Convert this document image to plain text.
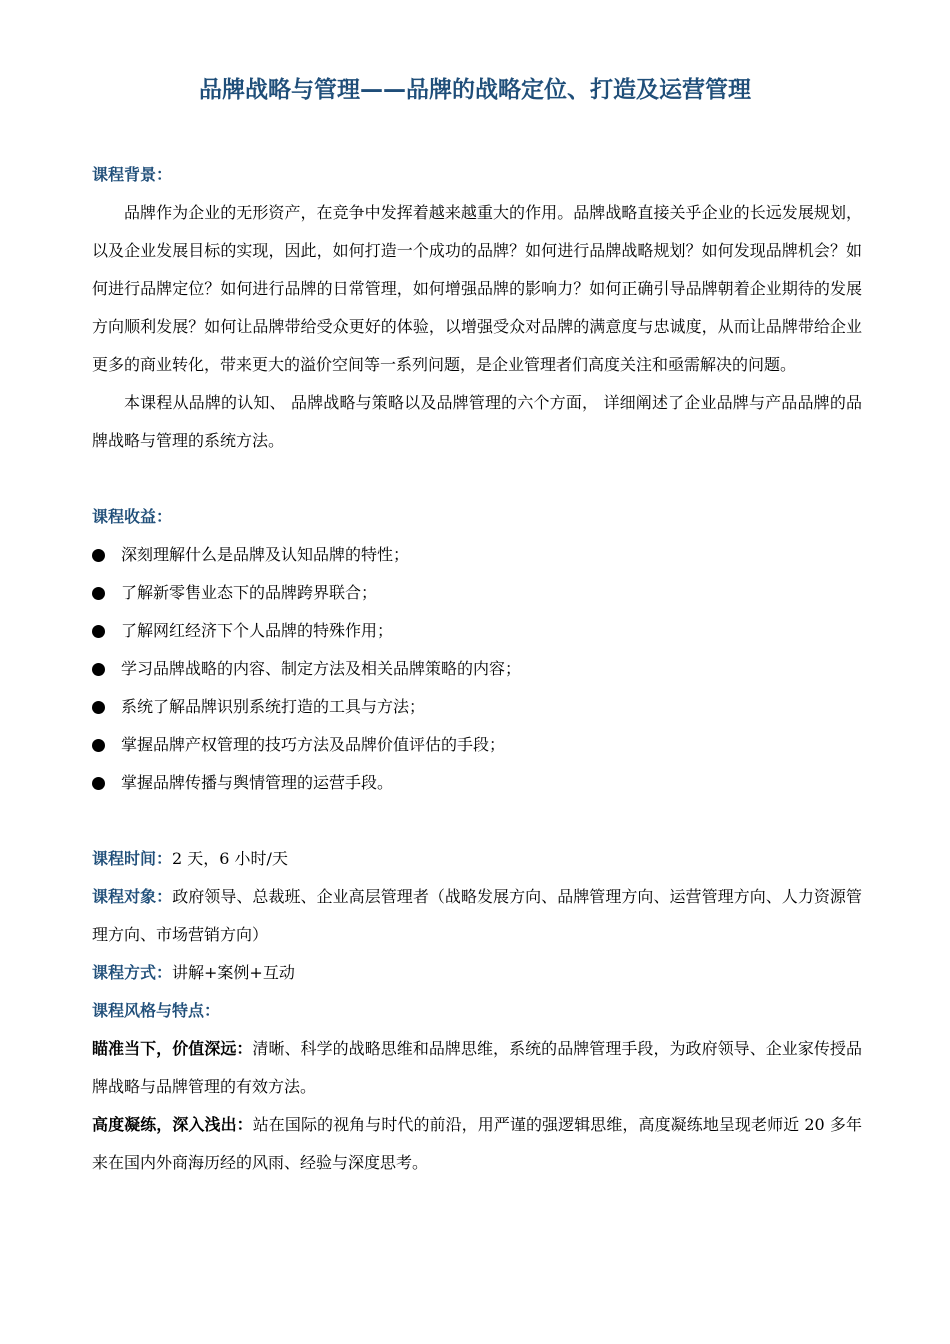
品牌战略与管理——品牌的战略定位、打造及运营管理

课程背景：

品牌作为企业的无形资产，在竞争中发挥着越来越重大的作用。品牌战略直接关乎企业的长远发展规划，以及企业发展目标的实现，因此，如何打造一个成功的品牌？如何进行品牌战略规划？如何发现品牌机会？如何进行品牌定位？如何进行品牌的日常管理，如何增强品牌的影响力？如何正确引导品牌朝着企业期待的发展方向顺利发展？如何让品牌带给受众更好的体验，以增强受众对品牌的满意度与忠诚度，从而让品牌带给企业更多的商业转化，带来更大的溢价空间等一系列问题，是企业管理者们高度关注和亟需解决的问题。

本课程从品牌的认知、 品牌战略与策略以及品牌管理的六个方面， 详细阐述了企业品牌与产品品牌的品牌战略与管理的系统方法。

课程收益：

深刻理解什么是品牌及认知品牌的特性；
了解新零售业态下的品牌跨界联合；
了解网红经济下个人品牌的特殊作用；
学习品牌战略的内容、制定方法及相关品牌策略的内容；
系统了解品牌识别系统打造的工具与方法；
掌握品牌产权管理的技巧方法及品牌价值评估的手段；
掌握品牌传播与舆情管理的运营手段。

课程时间：2 天，6 小时/天

课程对象：政府领导、总裁班、企业高层管理者（战略发展方向、品牌管理方向、运营管理方向、人力资源管理方向、市场营销方向）

课程方式：讲解+案例+互动

课程风格与特点：

瞄准当下，价值深远：清晰、科学的战略思维和品牌思维，系统的品牌管理手段，为政府领导、企业家传授品牌战略与品牌管理的有效方法。

高度凝练，深入浅出：站在国际的视角与时代的前沿，用严谨的强逻辑思维，高度凝练地呈现老师近 20 多年来在国内外商海历经的风雨、经验与深度思考。
